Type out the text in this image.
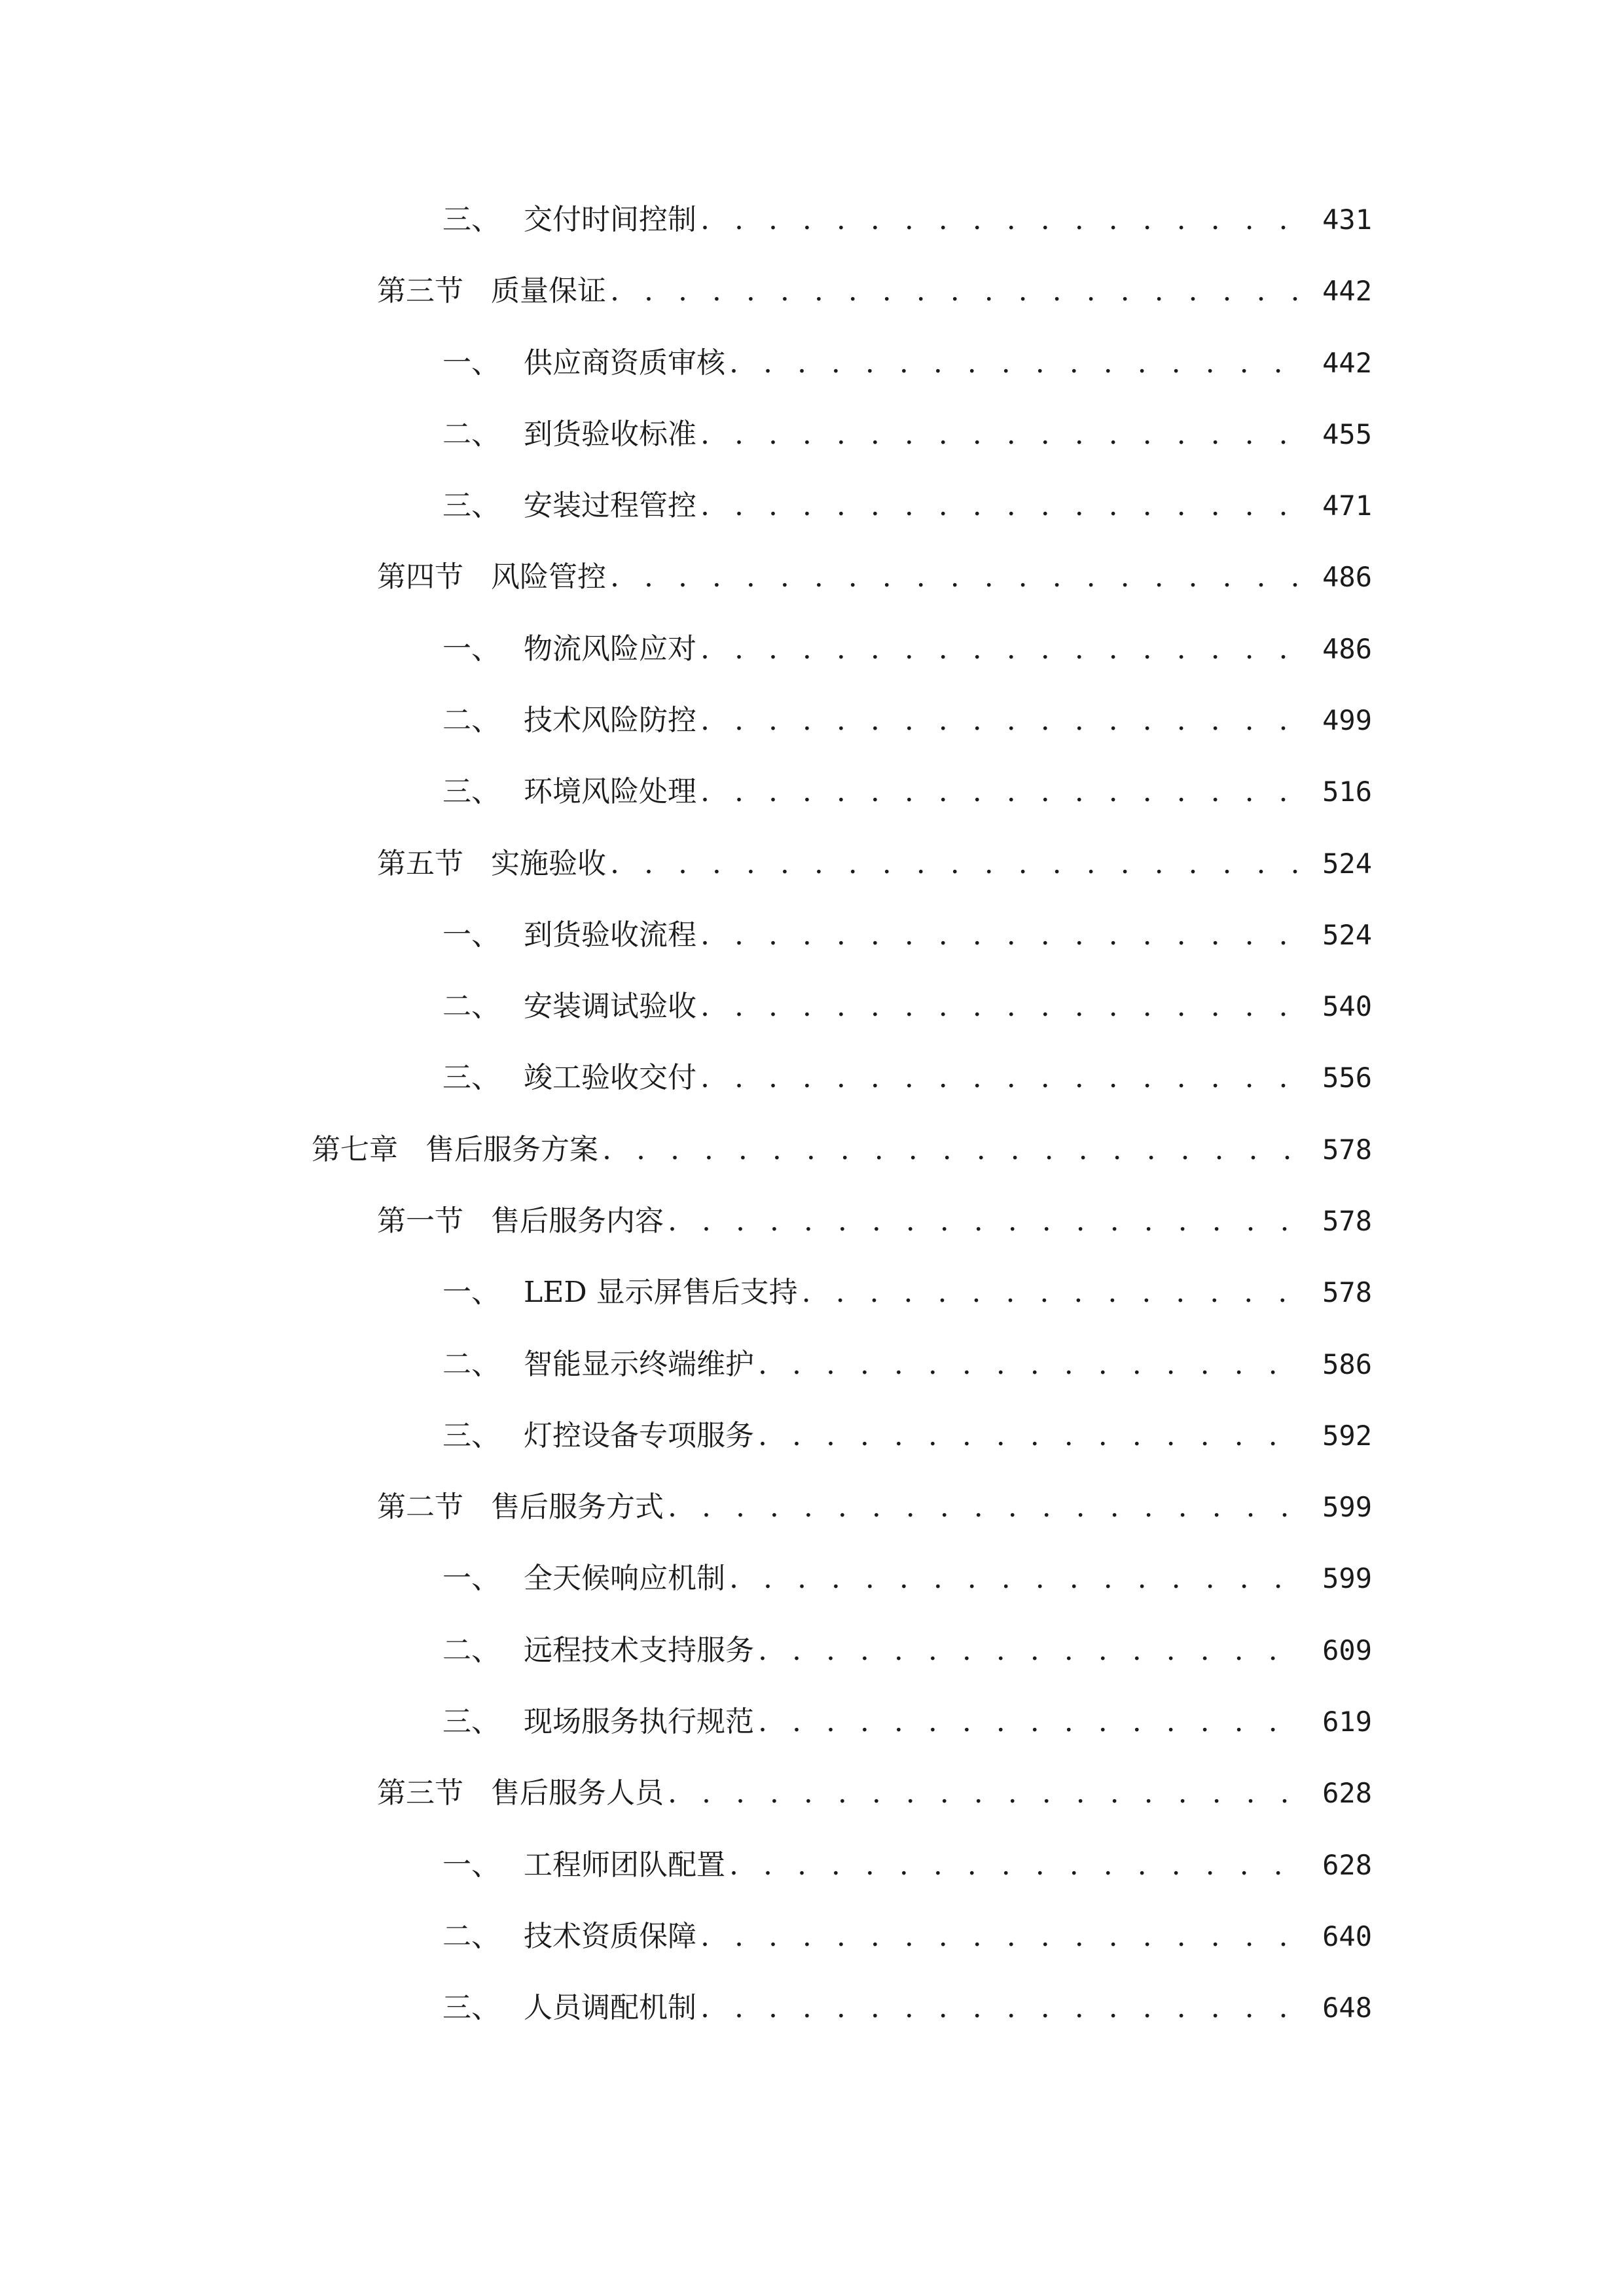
三、 交付时间控制 . . .	431
第三节 质量保证 . . .	442
一、 供应商资质审核 . . .	442
二、 到货验收标准 . . .	455
三、 安装过程管控 . . .	471
第四节 风险管控 . . .	486
一、 物流风险应对 . . .	486
二、 技术风险防控 . . .	499
三、 环境风险处理 . . .	516
第五节 实施验收 . . .	524
一、 到货验收流程 . . .	524
二、 安装调试验收 . . .	540
三、 竣工验收交付 . . .	556
第七章 售后服务方案 . . .	578
第一节 售后服务内容 . . .	578
一、 LED 显示屏售后支持 . . .	578
二、 智能显示终端维护 . . .	586
三、 灯控设备专项服务 . . .	592
第二节 售后服务方式 . . .	599
一、 全天候响应机制 . . .	599
二、 远程技术支持服务 . . .	609
三、 现场服务执行规范 . . .	619
第三节 售后服务人员 . . .	628
一、 工程师团队配置 . . .	628
二、 技术资质保障 . . .	640
三、 人员调配机制 . . .	648
